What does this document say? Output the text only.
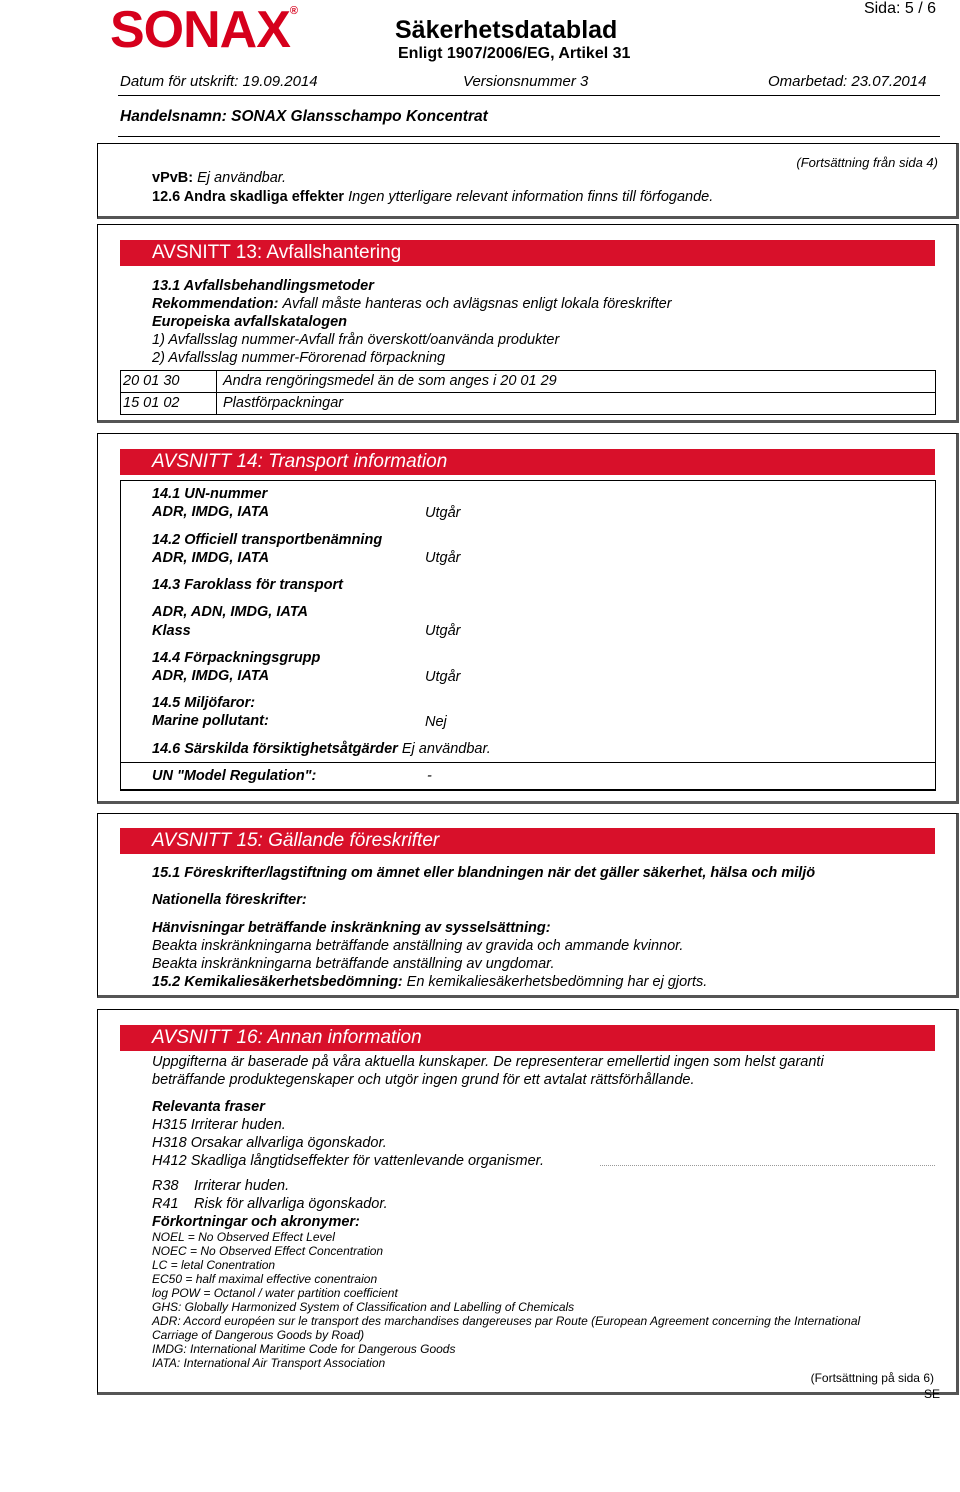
SONAX®
Säkerhetsdatablad
Enligt 1907/2006/EG, Artikel 31
Sida: 5 / 6
Datum för utskrift: 19.09.2014	Versionsnummer 3	Omarbetad: 23.07.2014
Handelsnamn: SONAX Glansschampo Koncentrat
(Fortsättning från sida 4)
vPvB: Ej användbar.
12.6 Andra skadliga effekter Ingen ytterligare relevant information finns till förfogande.
AVSNITT 13: Avfallshantering
13.1 Avfallsbehandlingsmetoder
Rekommendation: Avfall måste hanteras och avlägsnas enligt lokala föreskrifter
Europeiska avfallskatalogen
1) Avfallsslag nummer-Avfall från överskott/oanvända produkter
2) Avfallsslag nummer-Förorenad förpackning
20 01 30	Andra rengöringsmedel än de som anges i 20 01 29
15 01 02	Plastförpackningar
AVSNITT 14: Transport information
14.1 UN-nummer
ADR, IMDG, IATA	Utgår
14.2 Officiell transportbenämning
ADR, IMDG, IATA	Utgår
14.3 Faroklass för transport
ADR, ADN, IMDG, IATA
Klass	Utgår
14.4 Förpackningsgrupp
ADR, IMDG, IATA	Utgår
14.5 Miljöfaror:
Marine pollutant:	Nej
14.6 Särskilda försiktighetsåtgärder Ej användbar.
UN "Model Regulation":	-
AVSNITT 15: Gällande föreskrifter
15.1 Föreskrifter/lagstiftning om ämnet eller blandningen när det gäller säkerhet, hälsa och miljö
Nationella föreskrifter:
Hänvisningar beträffande inskränkning av sysselsättning:
Beakta inskränkningarna beträffande anställning av gravida och ammande kvinnor.
Beakta inskränkningarna beträffande anställning av ungdomar.
15.2 Kemikaliesäkerhetsbedömning: En kemikaliesäkerhetsbedömning har ej gjorts.
AVSNITT 16: Annan information
Uppgifterna är baserade på våra aktuella kunskaper. De representerar emellertid ingen som helst garanti
beträffande produktegenskaper och utgör ingen grund för ett avtalat rättsförhållande.
Relevanta fraser
H315 Irriterar huden.
H318 Orsakar allvarliga ögonskador.
H412 Skadliga långtidseffekter för vattenlevande organismer.
R38 Irriterar huden.
R41 Risk för allvarliga ögonskador.
Förkortningar och akronymer:
NOEL = No Observed Effect Level
NOEC = No Observed Effect Concentration
LC = letal Conentration
EC50 = half maximal effective conentraion
log POW = Octanol / water partition coefficient
GHS: Globally Harmonized System of Classification and Labelling of Chemicals
ADR: Accord européen sur le transport des marchandises dangereuses par Route (European Agreement concerning the International
Carriage of Dangerous Goods by Road)
IMDG: International Maritime Code for Dangerous Goods
IATA: International Air Transport Association
(Fortsättning på sida 6)
SE
